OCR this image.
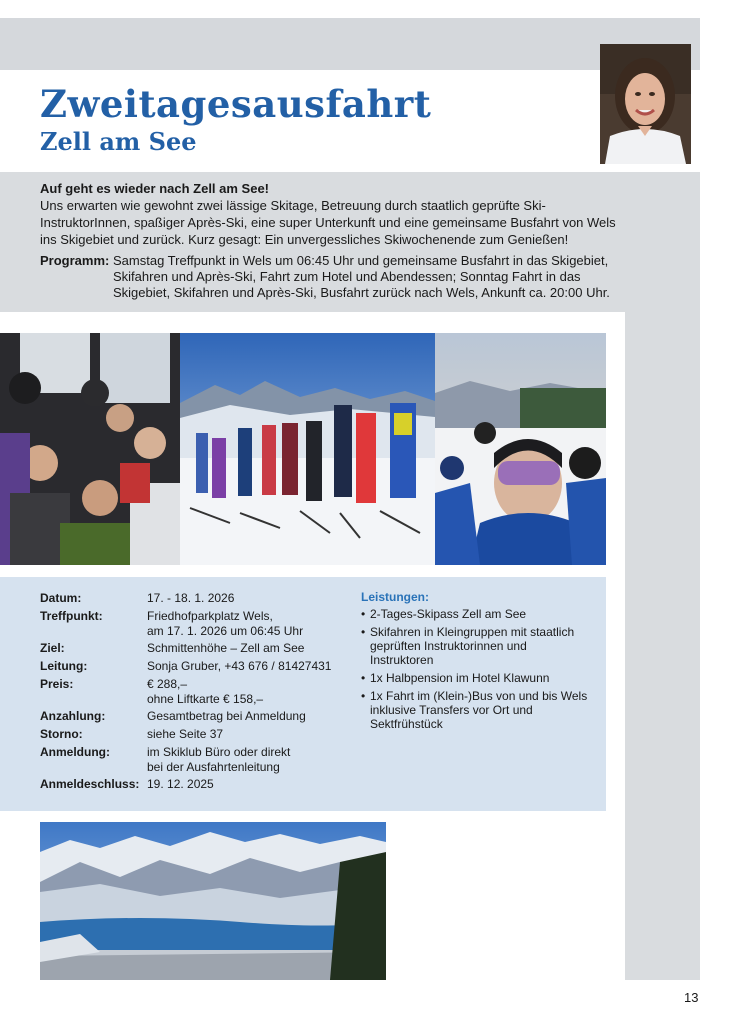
Zweitagesausfahrt
Zell am See
Auf geht es wieder nach Zell am See!
Uns erwarten wie gewohnt zwei lässige Skitage, Betreuung durch staatlich geprüfte Ski-InstruktorInnen, spaßiger Après-Ski, eine super Unterkunft und eine gemeinsame Busfahrt von Wels ins Skigebiet und zurück. Kurz gesagt: Ein unvergessliches Skiwochenende zum Genießen!
Programm: Samstag Treffpunkt in Wels um 06:45 Uhr und gemeinsame Busfahrt in das Skigebiet, Skifahren und Après-Ski, Fahrt zum Hotel und Abendessen; Sonntag Fahrt in das Skigebiet, Skifahren und Après-Ski, Busfahrt zurück nach Wels, Ankunft ca. 20:00 Uhr.
Datum:	17. - 18. 1. 2026
Treffpunkt:	Friedhofparkplatz Wels,
am 17. 1. 2026 um 06:45 Uhr
Ziel:	Schmittenhöhe – Zell am See
Leitung:	Sonja Gruber, +43 676 / 81427431
Preis:	€ 288,–
ohne Liftkarte € 158,–
Anzahlung:	Gesamtbetrag bei Anmeldung
Storno:	siehe Seite 37
Anmeldung:	im Skiklub Büro oder direkt
bei der Ausfahrtenleitung
Anmeldeschluss: 19. 12. 2025
Leistungen:
• 2-Tages-Skipass Zell am See
• Skifahren in Kleingruppen mit staatlich geprüften Instruktorinnen und Instruktoren
• 1x Halbpension im Hotel Klawunn
• 1x Fahrt im (Klein-)Bus von und bis Wels inklusive Transfers vor Ort und Sektfrühstück
13
